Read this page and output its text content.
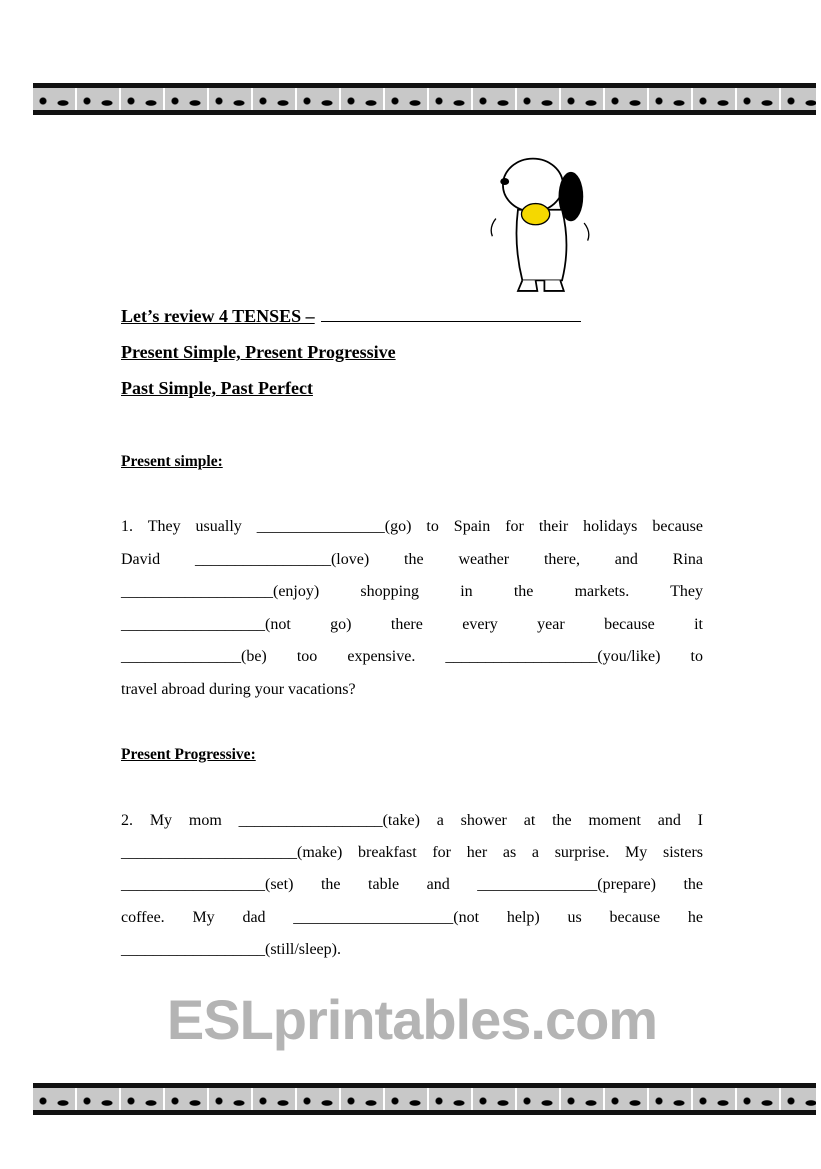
Let’s review 4 TENSES –
Present Simple, Present Progressive
Past Simple, Past Perfect
Present simple:
1. They usually ________________(go) to Spain for their holidays because
David _________________(love) the weather there, and Rina
___________________(enjoy) shopping in the markets. They
__________________(not go) there every year because it
_______________(be) too expensive. ___________________(you/like) to
travel abroad during your vacations?
Present Progressive:
2. My mom __________________(take) a shower at the moment and I
______________________(make) breakfast for her as a surprise. My sisters
__________________(set) the table and _______________(prepare) the
coffee. My dad ____________________(not help) us because he
__________________(still/sleep).
ESLprintables.com
